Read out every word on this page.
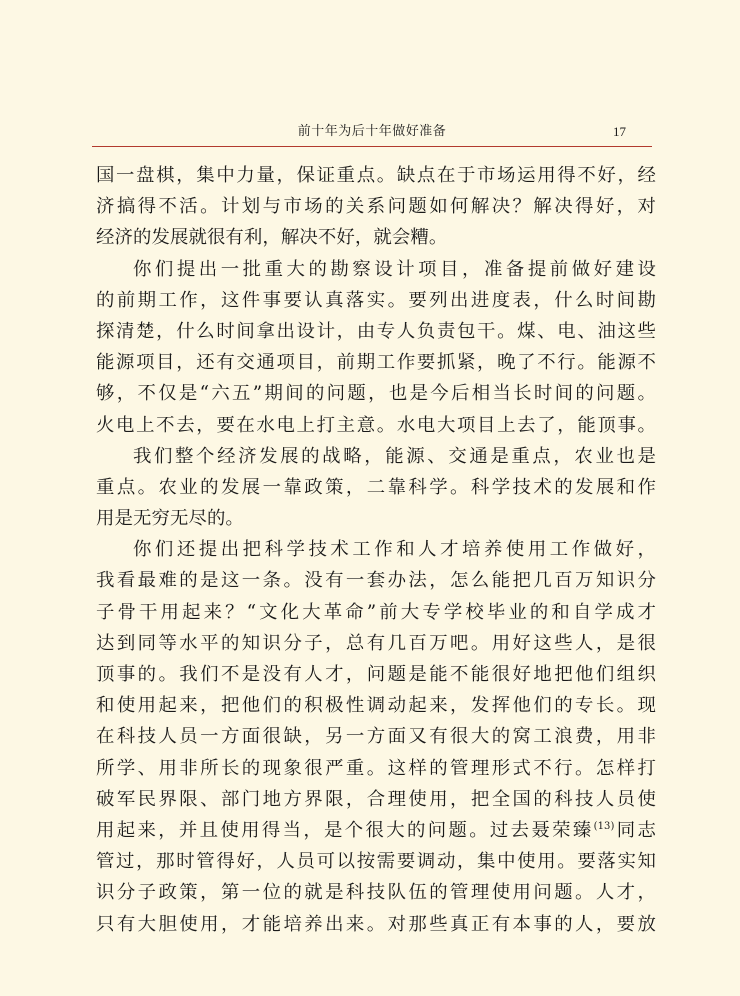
前十年为后十年做好准备	17
国一盘棋，集中力量，保证重点。缺点在于市场运用得不好，经
济搞得不活。计划与市场的关系问题如何解决？解决得好，对
经济的发展就很有利，解决不好，就会糟。
你们提出一批重大的勘察设计项目，准备提前做好建设
的前期工作，这件事要认真落实。要列出进度表，什么时间勘
探清楚，什么时间拿出设计，由专人负责包干。煤、电、油这些
能源项目，还有交通项目，前期工作要抓紧，晚了不行。能源不
够，不仅是“六五”期间的问题，也是今后相当长时间的问题。
火电上不去，要在水电上打主意。水电大项目上去了，能顶事。
我们整个经济发展的战略，能源、交通是重点，农业也是
重点。农业的发展一靠政策，二靠科学。科学技术的发展和作
用是无穷无尽的。
你们还提出把科学技术工作和人才培养使用工作做好，
我看最难的是这一条。没有一套办法，怎么能把几百万知识分
子骨干用起来？“文化大革命”前大专学校毕业的和自学成才
达到同等水平的知识分子，总有几百万吧。用好这些人，是很
顶事的。我们不是没有人才，问题是能不能很好地把他们组织
和使用起来，把他们的积极性调动起来，发挥他们的专长。现
在科技人员一方面很缺，另一方面又有很大的窝工浪费，用非
所学、用非所长的现象很严重。这样的管理形式不行。怎样打
破军民界限、部门地方界限，合理使用，把全国的科技人员使
用起来，并且使用得当，是个很大的问题。过去聂荣臻$^{(13)}$同志
管过，那时管得好，人员可以按需要调动，集中使用。要落实知
识分子政策，第一位的就是科技队伍的管理使用问题。人才，
只有大胆使用，才能培养出来。对那些真正有本事的人，要放
